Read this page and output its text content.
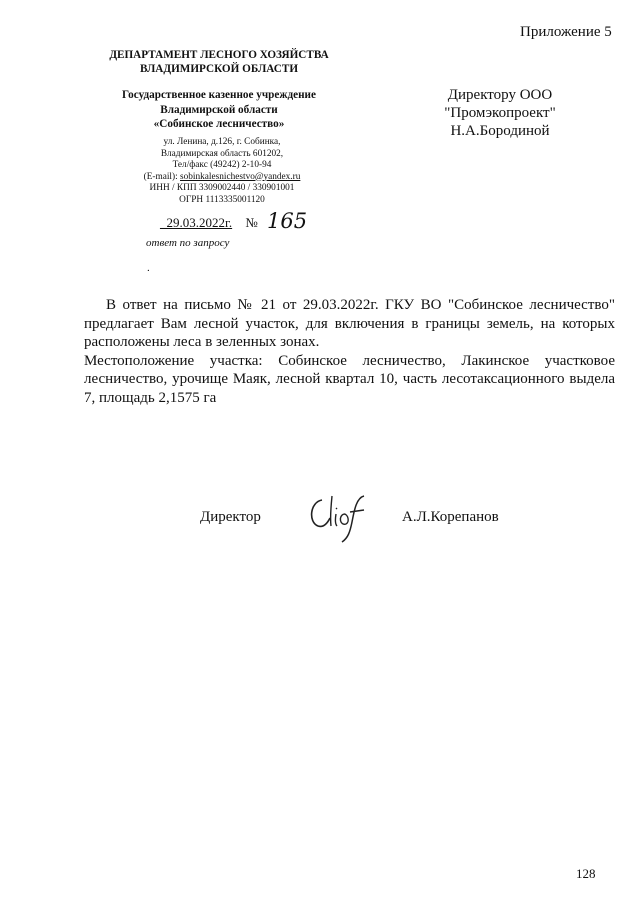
Приложение 5
ДЕПАРТАМЕНТ ЛЕСНОГО ХОЗЯЙСТВА
ВЛАДИМИРСКОЙ ОБЛАСТИ
Государственное казенное учреждение
Владимирской области
«Собинское лесничество»
ул. Ленина, д.126, г. Собинка,
Владимирская область 601202,
Тел/факс (49242) 2-10-94
(E-mail): sobinkalesnichestvo@yandex.ru
ИНН / КПП 3309002440 / 330901001
ОГРН 1113335001120
_29.03.2022г. № 165
ответ по запросу
.
Директору ООО
"Промэкопроект"
Н.А.Бородиной

В ответ на письмо № 21 от 29.03.2022г. ГКУ ВО "Собинское лесничество" предлагает Вам лесной участок, для включения в границы земель, на которых расположены леса в зеленных зонах.

Местоположение участка: Собинское лесничество, Лакинское участковое лесничество, урочище Маяк, лесной квартал 10, часть лесотаксационного выдела 7, площадь 2,1575 га

Директор	А.Л.Корепанов
128
